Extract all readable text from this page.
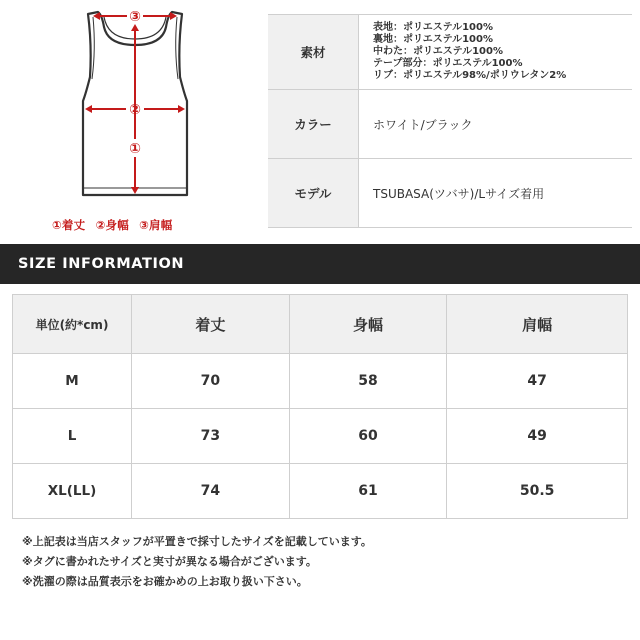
③
②
①
①着丈 ②身幅 ③肩幅
素材	表地：ポリエステル100%
裏地：ポリエステル100%
中わた：ポリエステル100%
テープ部分：ポリエステル100%
リブ：ポリエステル98%/ポリウレタン2%

カラー	ホワイト/ブラック
モデル	TSUBASA(ツバサ)/Lサイズ着用
SIZE INFORMATION
単位(約*cm)	着丈	身幅	肩幅
M	70	58	47
L	73	60	49
XL(LL)	74	61	50.5
※上記表は当店スタッフが平置きで採寸したサイズを記載しています。
※タグに書かれたサイズと実寸が異なる場合がございます。
※洗濯の際は品質表示をお確かめの上お取り扱い下さい。
